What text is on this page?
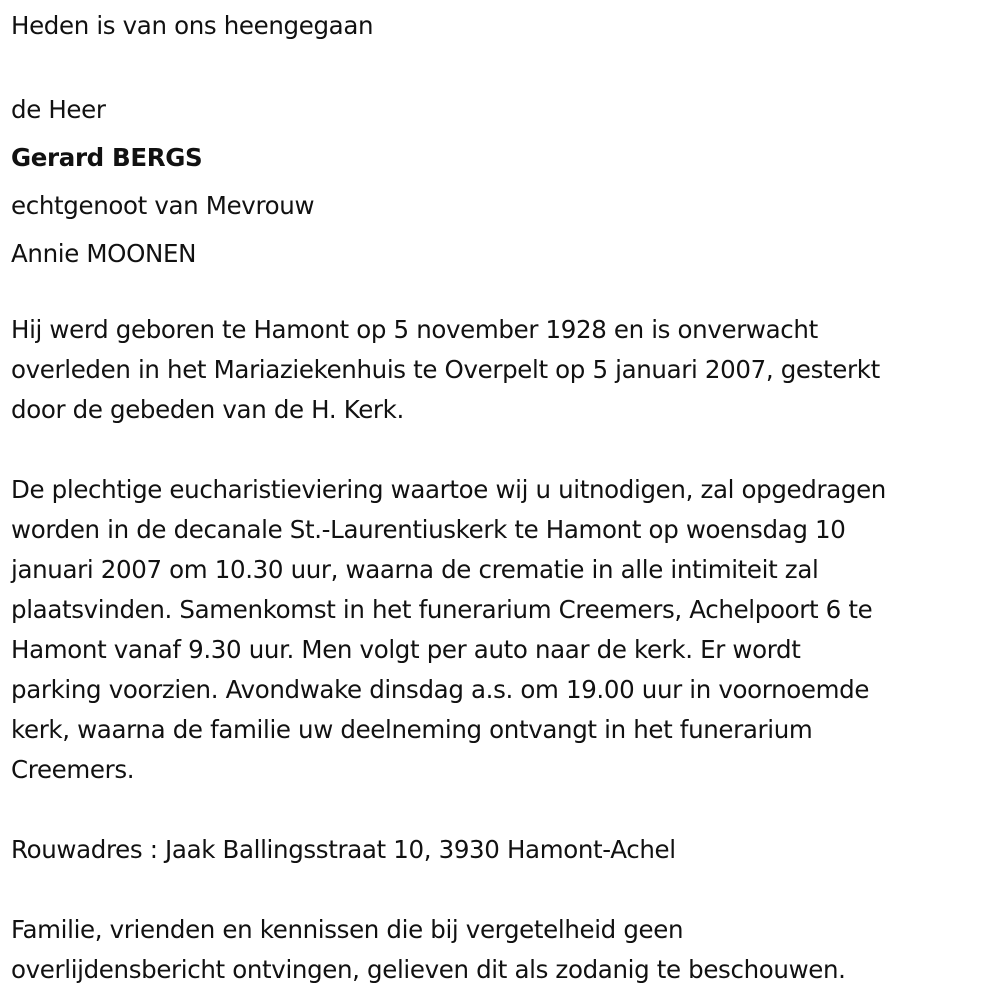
Heden is van ons heengegaan
de Heer
Gerard BERGS
echtgenoot van Mevrouw
Annie MOONEN
Hij werd geboren te Hamont op 5 november 1928 en is onverwacht
overleden in het Mariaziekenhuis te Overpelt op 5 januari 2007, gesterkt
door de gebeden van de H. Kerk.
De plechtige eucharistieviering waartoe wij u uitnodigen, zal opgedragen
worden in de decanale St.-Laurentiuskerk te Hamont op woensdag 10
januari 2007 om 10.30 uur, waarna de crematie in alle intimiteit zal
plaatsvinden. Samenkomst in het funerarium Creemers, Achelpoort 6 te
Hamont vanaf 9.30 uur. Men volgt per auto naar de kerk. Er wordt
parking voorzien. Avondwake dinsdag a.s. om 19.00 uur in voornoemde
kerk, waarna de familie uw deelneming ontvangt in het funerarium
Creemers.
Rouwadres : Jaak Ballingsstraat 10, 3930 Hamont-Achel
Familie, vrienden en kennissen die bij vergetelheid geen
overlijdensbericht ontvingen, gelieven dit als zodanig te beschouwen.
